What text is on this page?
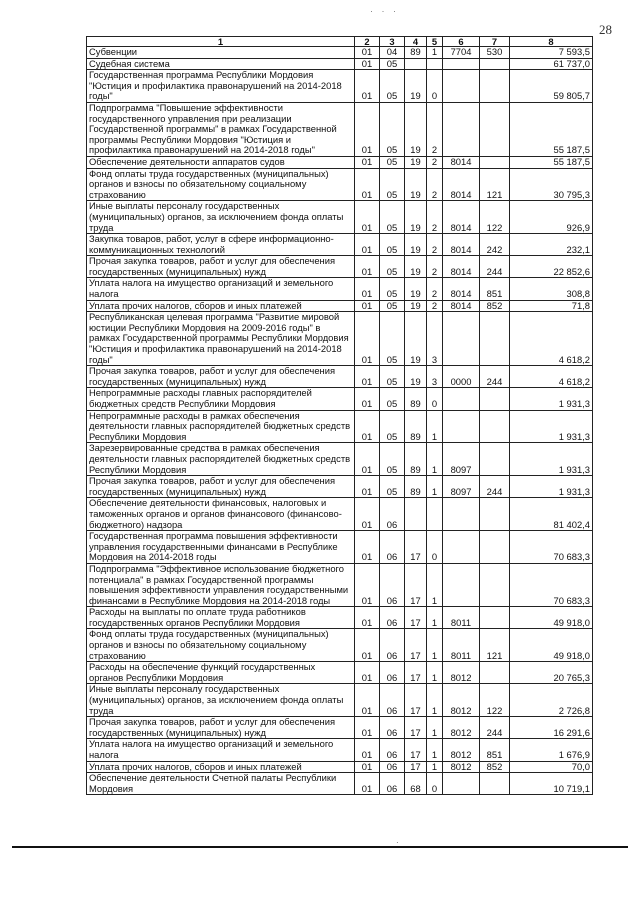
· · ·
28
1	2	3	4	5	6	7	8
Субвенции	01	04	89	1	7704	530	7 593,5
Судебная система	01	05					61 737,0
Государственная программа Республики Мордовия "Юстиция и профилактика правонарушений на 2014-2018 годы"	01	05	19	0			59 805,7
Подпрограмма "Повышение эффективности государственного управления при реализации Государственной программы" в рамках Государственной программы Республики Мордовия "Юстиция и профилактика правонарушений на 2014-2018 годы"	01	05	19	2			55 187,5
Обеспечение деятельности аппаратов судов	01	05	19	2	8014		55 187,5
Фонд оплаты труда государственных (муниципальных) органов и взносы по обязательному социальному страхованию	01	05	19	2	8014	121	30 795,3
Иные выплаты персоналу государственных (муниципальных) органов, за исключением фонда оплаты труда	01	05	19	2	8014	122	926,9
Закупка товаров, работ, услуг в сфере информационно-коммуникационных технологий	01	05	19	2	8014	242	232,1
Прочая закупка товаров, работ и услуг для обеспечения государственных (муниципальных) нужд	01	05	19	2	8014	244	22 852,6
Уплата налога на имущество организаций и земельного налога	01	05	19	2	8014	851	308,8
Уплата прочих налогов, сборов и иных платежей	01	05	19	2	8014	852	71,8
Республиканская целевая программа "Развитие мировой юстиции Республики Мордовия на 2009-2016 годы" в рамках Государственной программы Республики Мордовия "Юстиция и профилактика правонарушений на 2014-2018 годы"	01	05	19	3			4 618,2
Прочая закупка товаров, работ и услуг для обеспечения государственных (муниципальных) нужд	01	05	19	3	0000	244	4 618,2
Непрограммные расходы главных распорядителей бюджетных средств Республики Мордовия	01	05	89	0			1 931,3
Непрограммные расходы в рамках обеспечения деятельности главных распорядителей бюджетных средств Республики Мордовия	01	05	89	1			1 931,3
Зарезервированные средства в рамках обеспечения деятельности главных распорядителей бюджетных средств Республики Мордовия	01	05	89	1	8097		1 931,3
Прочая закупка товаров, работ и услуг для обеспечения государственных (муниципальных) нужд	01	05	89	1	8097	244	1 931,3
Обеспечение деятельности финансовых, налоговых и таможенных органов и органов финансового (финансово-бюджетного) надзора	01	06					81 402,4
Государственная программа повышения эффективности управления государственными финансами в Республике Мордовия на 2014-2018 годы	01	06	17	0			70 683,3
Подпрограмма "Эффективное использование бюджетного потенциала" в рамках Государственной программы повышения эффективности управления государственными финансами в Республике Мордовия на 2014-2018 годы	01	06	17	1			70 683,3
Расходы на выплаты по оплате труда работников государственных органов Республики Мордовия	01	06	17	1	8011		49 918,0
Фонд оплаты труда государственных (муниципальных) органов и взносы по обязательному социальному страхованию	01	06	17	1	8011	121	49 918,0
Расходы на обеспечение функций государственных органов Республики Мордовия	01	06	17	1	8012		20 765,3
Иные выплаты персоналу государственных (муниципальных) органов, за исключением фонда оплаты труда	01	06	17	1	8012	122	2 726,8
Прочая закупка товаров, работ и услуг для обеспечения государственных (муниципальных) нужд	01	06	17	1	8012	244	16 291,6
Уплата налога на имущество организаций и земельного налога	01	06	17	1	8012	851	1 676,9
Уплата прочих налогов, сборов и иных платежей	01	06	17	1	8012	852	70,0
Обеспечение деятельности Счетной палаты Республики Мордовия	01	06	68	0			10 719,1
·
